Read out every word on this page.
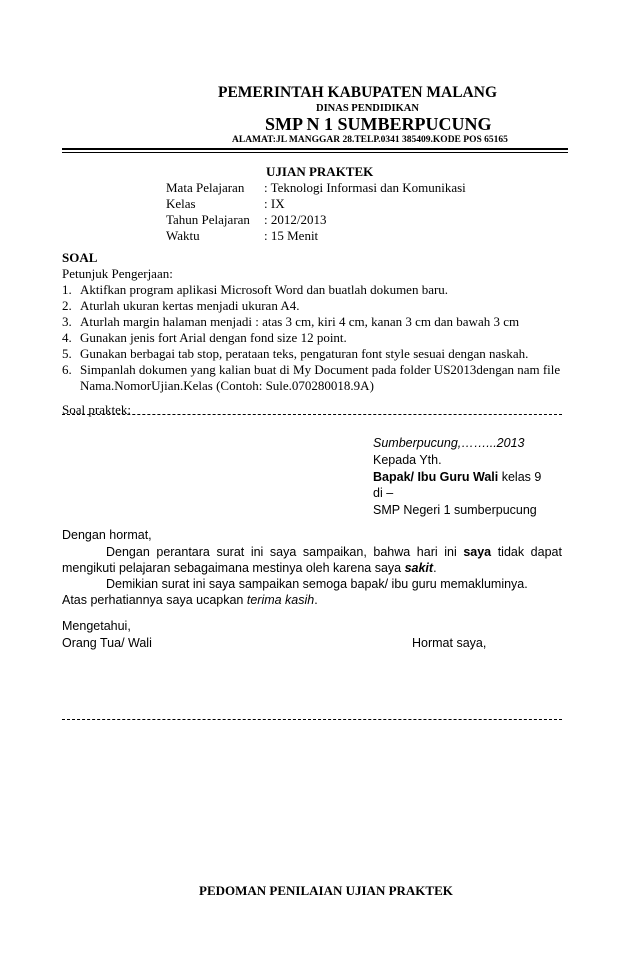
PEMERINTAH KABUPATEN MALANG
DINAS PENDIDIKAN
SMP N 1 SUMBERPUCUNG
ALAMAT:JL MANGGAR 28.TELP.0341 385409.KODE POS 65165
UJIAN PRAKTEK
Mata Pelajaran : Teknologi Informasi dan Komunikasi
Kelas	: IX
Tahun Pelajaran : 2012/2013
Waktu	: 15 Menit
SOAL
Petunjuk Pengerjaan:
1. Aktifkan program aplikasi Microsoft Word dan buatlah dokumen baru.
2. Aturlah ukuran kertas menjadi ukuran A4.
3. Aturlah margin halaman menjadi : atas 3 cm, kiri 4 cm, kanan 3 cm dan bawah 3 cm
4. Gunakan jenis fort Arial dengan fond size 12 point.
5. Gunakan berbagai tab stop, perataan teks, pengaturan font style sesuai dengan naskah.
6. Simpanlah dokumen yang kalian buat di My Document pada folder US2013dengan nam file
Nama.NomorUjian.Kelas (Contoh: Sule.070280018.9A)
Soal praktek:
Sumberpucung,……...2013
Kepada Yth.
Bapak/ Ibu Guru Wali kelas 9
di –
SMP Negeri 1 sumberpucung
Dengan hormat,
Dengan perantara surat ini saya sampaikan, bahwa hari ini saya tidak dapat
mengikuti pelajaran sebagaimana mestinya oleh karena saya sakit.
Demikian surat ini saya sampaikan semoga bapak/ ibu guru memakluminya.
Atas perhatiannya saya ucapkan terima kasih.
Mengetahui,
Orang Tua/ Wali	Hormat saya,
PEDOMAN PENILAIAN UJIAN PRAKTEK
